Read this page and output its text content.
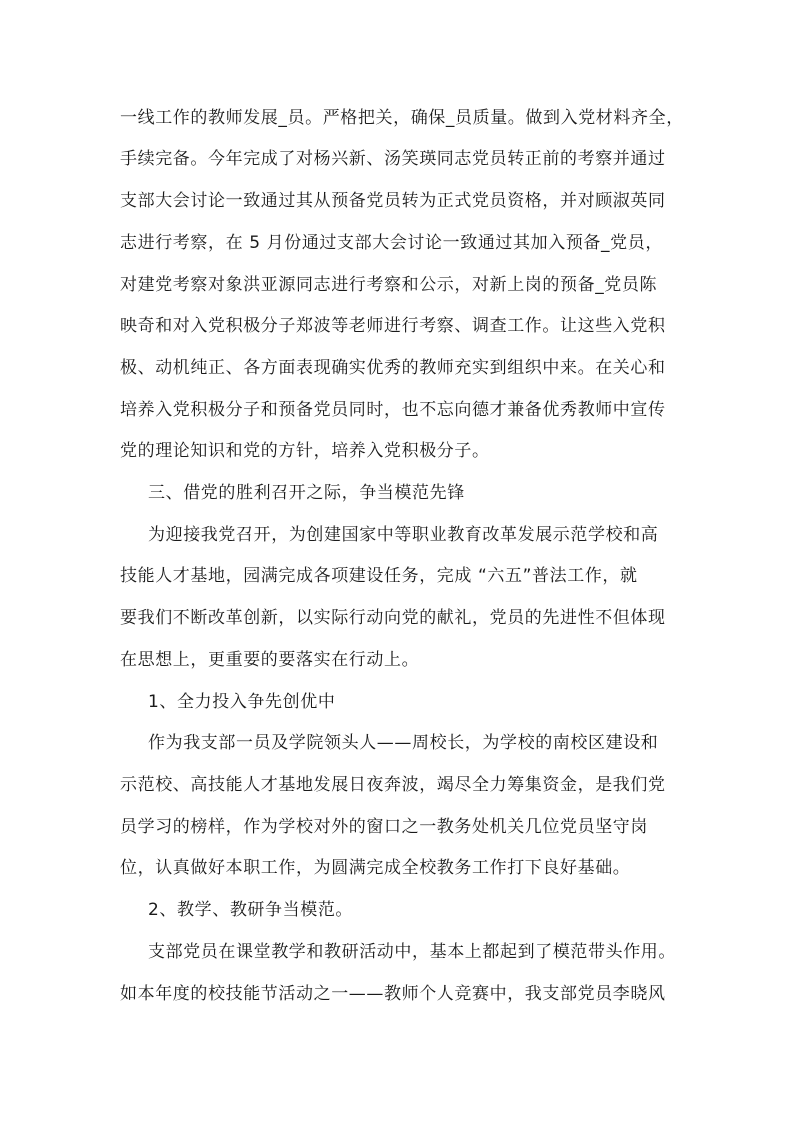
一线工作的教师发展_员。严格把关，确保_员质量。做到入党材料齐全，
手续完备。今年完成了对杨兴新、汤笑瑛同志党员转正前的考察并通过
支部大会讨论一致通过其从预备党员转为正式党员资格，并对顾淑英同
志进行考察，在 5 月份通过支部大会讨论一致通过其加入预备_党员，
对建党考察对象洪亚源同志进行考察和公示，对新上岗的预备_党员陈
映奇和对入党积极分子郑波等老师进行考察、调查工作。让这些入党积
极、动机纯正、各方面表现确实优秀的教师充实到组织中来。在关心和
培养入党积极分子和预备党员同时，也不忘向德才兼备优秀教师中宣传
党的理论知识和党的方针，培养入党积极分子。
三、借党的胜利召开之际，争当模范先锋
为迎接我党召开，为创建国家中等职业教育改革发展示范学校和高
技能人才基地，园满完成各项建设任务，完成 “六五”普法工作，就
要我们不断改革创新，以实际行动向党的献礼，党员的先进性不但体现
在思想上，更重要的要落实在行动上。
1、全力投入争先创优中
作为我支部一员及学院领头人——周校长，为学校的南校区建设和
示范校、高技能人才基地发展日夜奔波，竭尽全力筹集资金，是我们党
员学习的榜样，作为学校对外的窗口之一教务处机关几位党员坚守岗
位，认真做好本职工作，为圆满完成全校教务工作打下良好基础。
2、教学、教研争当模范。
支部党员在课堂教学和教研活动中，基本上都起到了模范带头作用。
如本年度的校技能节活动之一——教师个人竞赛中，我支部党员李晓风
